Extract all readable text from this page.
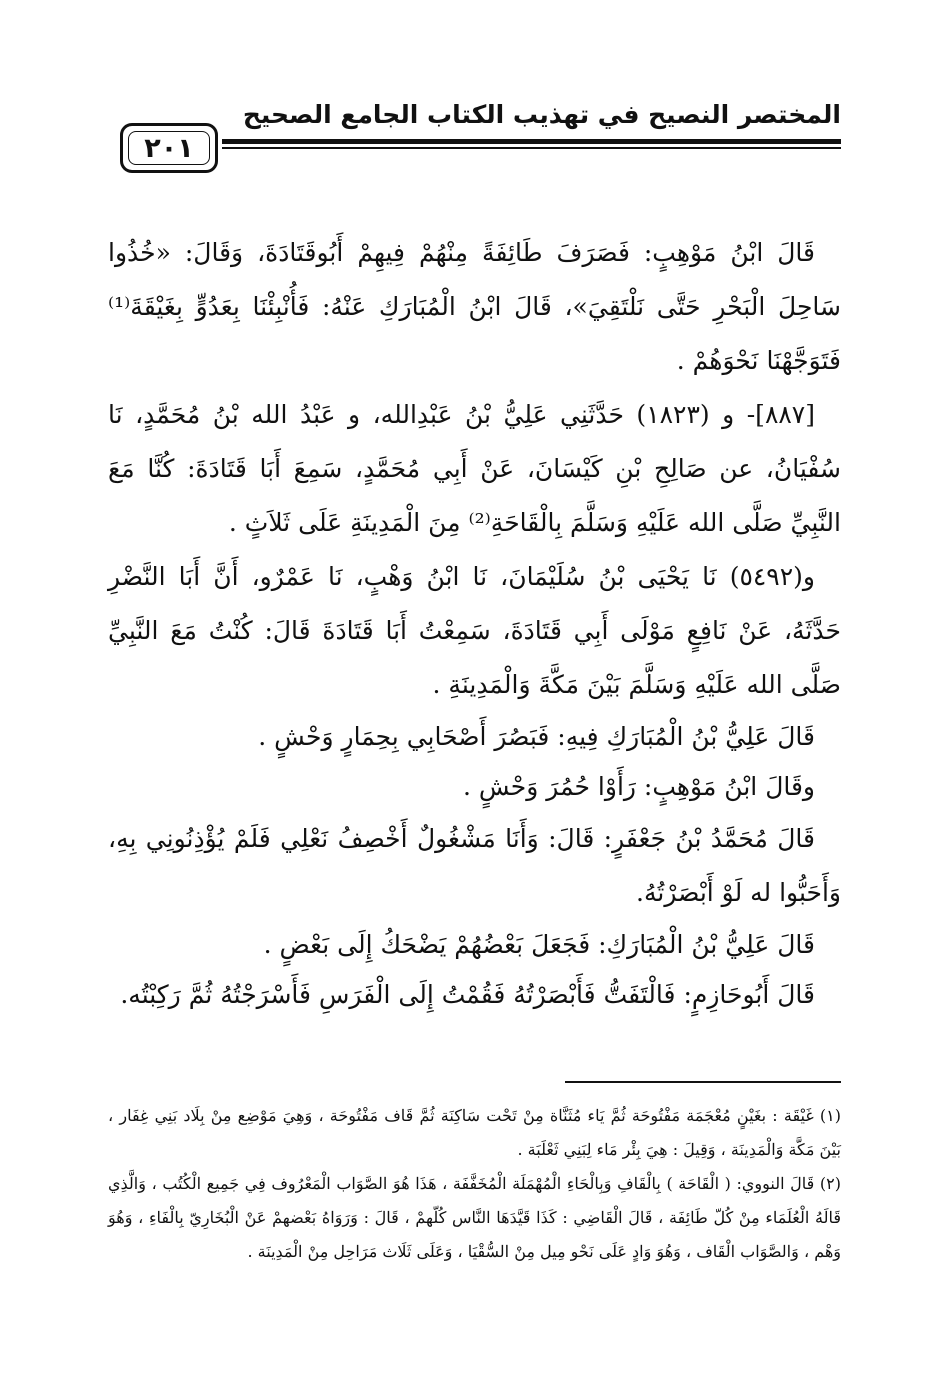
المختصر النصيح في تهذيب الكتاب الجامع الصحيح
٢٠١

قَالَ ابْنُ مَوْهِبٍ: فَصَرَفَ طَائِفَةً مِنْهُمْ فِيهِمْ أَبُوقَتَادَةَ، وَقَالَ: «خُذُوا سَاحِلَ الْبَحْرِ حَتَّى نَلْتَقِيَ»، قَالَ ابْنُ الْمُبَارَكِ عَنْهُ: فَأُنْبِئْنَا بِعَدُوٍّ بِغَيْقَةَ⁽¹⁾ فَتَوَجَّهْنَا نَحْوَهُمْ .

[٨٨٧]- و (١٨٢٣) حَدَّثَنِي عَلِيُّ بْنُ عَبْدِالله، و عَبْدُ الله بْنُ مُحَمَّدٍ، نَا سُفْيَانُ، عن صَالِحِ بْنِ كَيْسَانَ، عَنْ أَبِي مُحَمَّدٍ، سَمِعَ أَبَا قَتَادَةَ: كُنَّا مَعَ النَّبِيِّ صَلَّى الله عَلَيْهِ وَسَلَّمَ بِالْقَاحَةِ⁽²⁾ مِنَ الْمَدِينَةِ عَلَى ثَلاَثٍ .

و(٥٤٩٢) نَا يَحْيَى بْنُ سُلَيْمَانَ، نَا ابْنُ وَهْبٍ، نَا عَمْرٌو، أَنَّ أَبَا النَّضْرِ حَدَّثَهُ، عَنْ نَافِعٍ مَوْلَى أَبِي قَتَادَةَ، سَمِعْتُ أَبَا قَتَادَةَ قَالَ: كُنْتُ مَعَ النَّبِيِّ صَلَّى الله عَلَيْهِ وَسَلَّمَ بَيْنَ مَكَّةَ وَالْمَدِينَةِ .

قَالَ عَلِيُّ بْنُ الْمُبَارَكِ فِيهِ: فَبَصُرَ أَصْحَابِي بِحِمَارٍ وَحْشٍ .

وقَالَ ابْنُ مَوْهِبٍ: رَأَوْا حُمُرَ وَحْشٍ .

قَالَ مُحَمَّدُ بْنُ جَعْفَرٍ: قَالَ: وَأَنَا مَشْغُولٌ أَخْصِفُ نَعْلِي فَلَمْ يُؤْذِنُونِي بِهِ، وَأَحَبُّوا له لَوْ أَبْصَرْتُهُ.

قَالَ عَلِيُّ بْنُ الْمُبَارَكِ: فَجَعَلَ بَعْضُهُمْ يَضْحَكُ إِلَى بَعْضٍ .

قَالَ أَبُوحَازِمٍ: فَالْتَفَتُّ فَأَبْصَرْتُهُ فَقُمْتُ إِلَى الْفَرَسِ فَأَسْرَجْتُهُ ثُمَّ رَكِبْتُه.

(١) غَيْقَة : بغَيْنٍ مُعْجَمَة مَفْتُوحَة ثُمَّ يَاء مُثَنَّاة مِنْ تَحْت سَاكِنَة ثُمَّ قَاف مَفْتُوحَة ، وَهِيَ مَوْضِع مِنْ بِلَاد بَنِي غِفَار ، بَيْنَ مَكَّة وَالْمَدِينَة ، وَقِيلَ : هِيَ بِئْر مَاء لِبَنِي ثَعْلَبَة .

(٢) قَالَ النووي: ( الْقَاحَة ) بِالْقَافِ وَبِالْحَاءِ الْمُهْمَلَة الْمُخَفَّفَة ، هَذَا هُوَ الصَّوَاب الْمَعْرُوف فِي جَمِيع الْكُتُب ، وَالَّذِي قَالَهُ الْعُلَمَاء مِنْ كُلّ طَائِفَة ، قَالَ الْقَاضِي : كَذَا قَيَّدَهَا النَّاس كُلّهمْ ، قَالَ : وَرَوَاهُ بَعْضهمْ عَنْ الْبُخَارِيّ بِالْفَاءِ ، وَهُوَ وَهْم ، وَالصَّوَاب الْقَاف ، وَهُوَ وَادٍ عَلَى نَحْو مِيل مِنْ السُّقْيَا ، وَعَلَى ثَلَاث مَرَاحِل مِنْ الْمَدِينَة .
